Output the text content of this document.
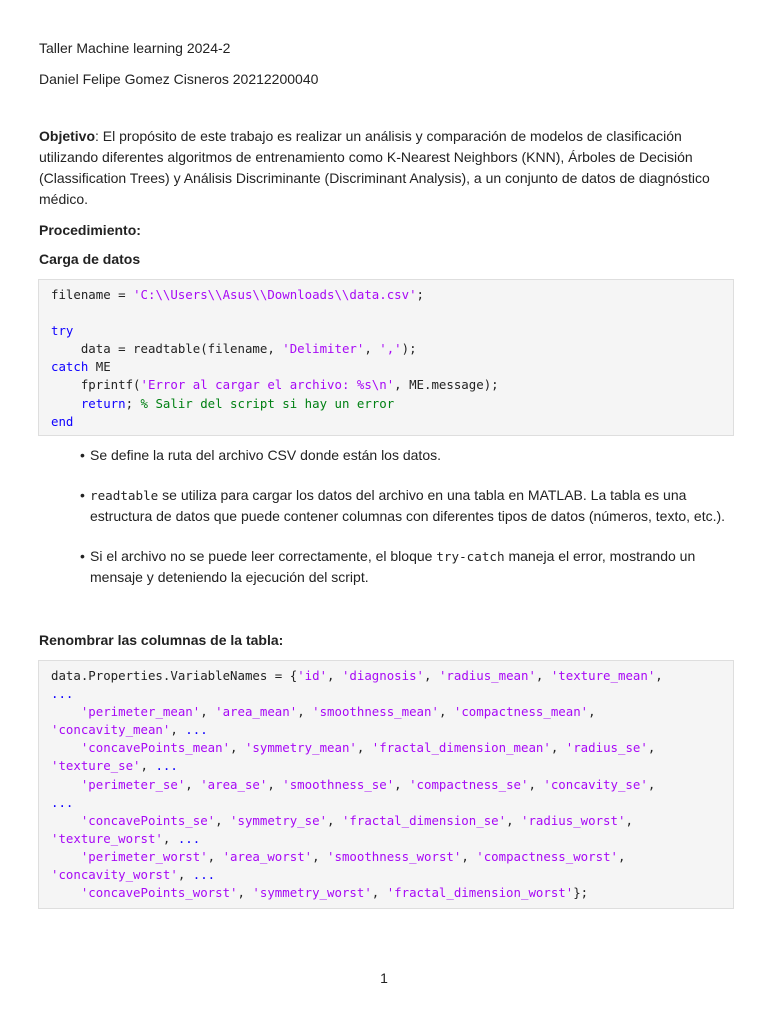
Taller Machine learning 2024-2
Daniel Felipe Gomez Cisneros 20212200040
Objetivo: El propósito de este trabajo es realizar un análisis y comparación de modelos de clasificación utilizando diferentes algoritmos de entrenamiento como K-Nearest Neighbors (KNN), Árboles de Decisión (Classification Trees) y Análisis Discriminante (Discriminant Analysis), a un conjunto de datos de diagnóstico médico.
Procedimiento:
Carga de datos
filename = 'C:\\Users\\Asus\\Downloads\\data.csv';
try
data = readtable(filename, 'Delimiter', ',');
catch ME
fprintf('Error al cargar el archivo: %s\n', ME.message);
return; % Salir del script si hay un error
end
• Se define la ruta del archivo CSV donde están los datos.
• readtable se utiliza para cargar los datos del archivo en una tabla en MATLAB. La tabla es una estructura de datos que puede contener columnas con diferentes tipos de datos (números, texto, etc.).
• Si el archivo no se puede leer correctamente, el bloque try-catch maneja el error, mostrando un mensaje y deteniendo la ejecución del script.
Renombrar las columnas de la tabla:
data.Properties.VariableNames = {'id', 'diagnosis', 'radius_mean', 'texture_mean',
...
'perimeter_mean', 'area_mean', 'smoothness_mean', 'compactness_mean',
'concavity_mean', ...
'concavePoints_mean', 'symmetry_mean', 'fractal_dimension_mean', 'radius_se',
'texture_se', ...
'perimeter_se', 'area_se', 'smoothness_se', 'compactness_se', 'concavity_se',
...
'concavePoints_se', 'symmetry_se', 'fractal_dimension_se', 'radius_worst',
'texture_worst', ...
'perimeter_worst', 'area_worst', 'smoothness_worst', 'compactness_worst',
'concavity_worst', ...
'concavePoints_worst', 'symmetry_worst', 'fractal_dimension_worst'};
1
